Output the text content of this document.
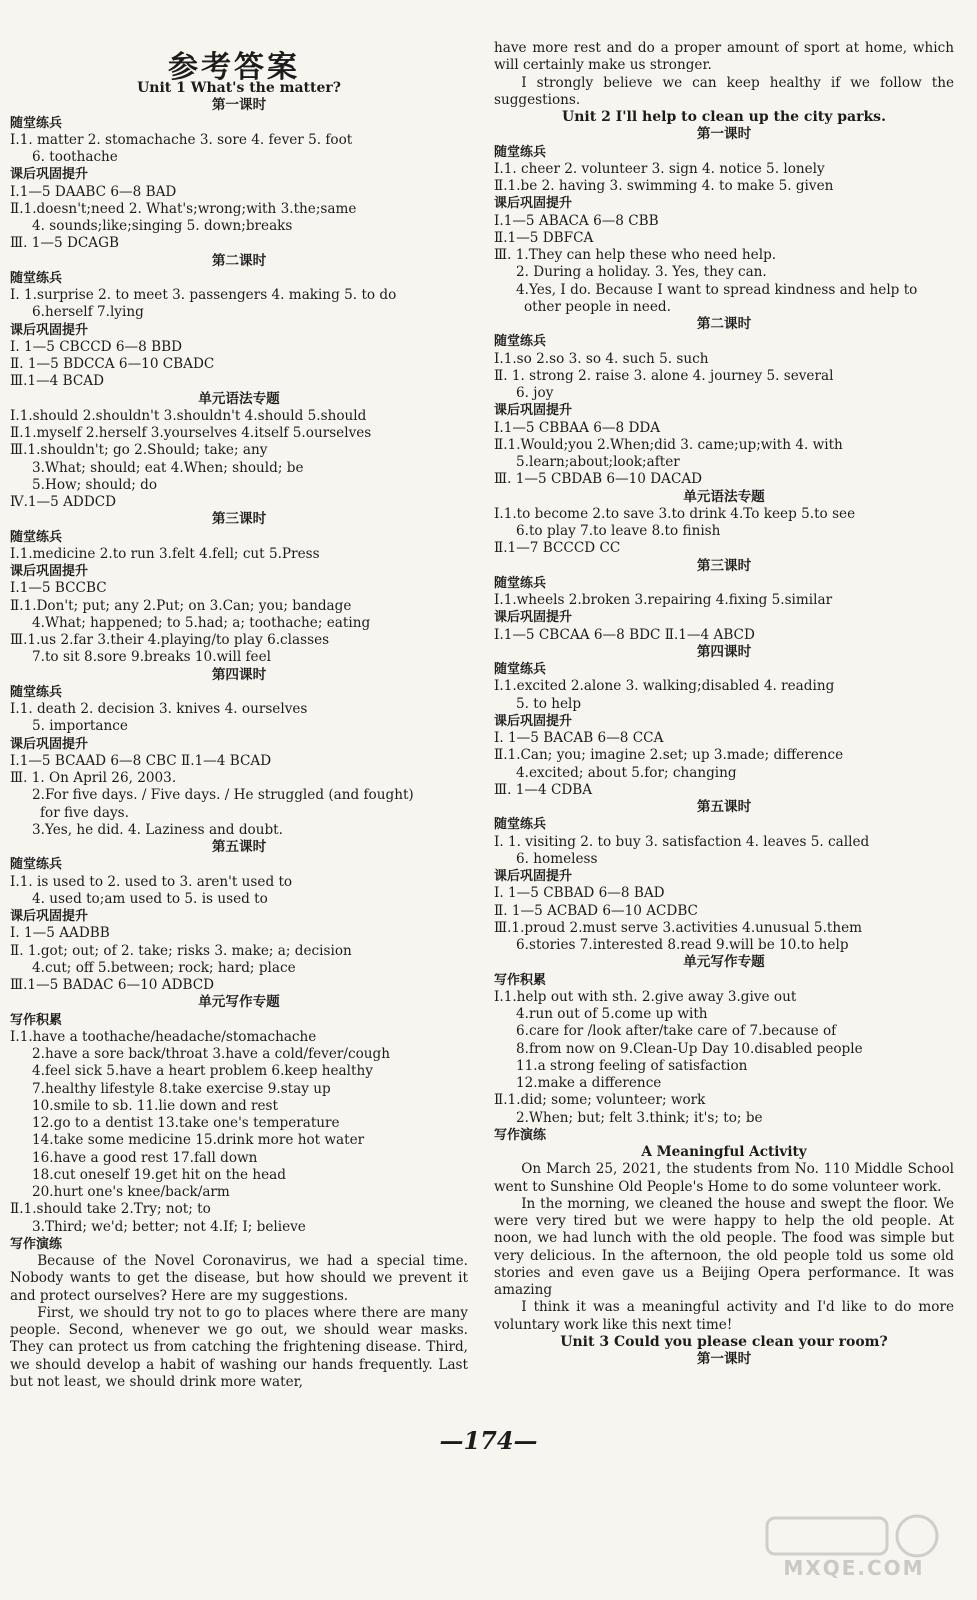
参考答案
Unit 1 What's the matter?
第一课时
随堂练兵
Ⅰ.1. matter 2. stomachache 3. sore 4. fever 5. foot
6. toothache
课后巩固提升
Ⅰ.1—5 DAABC 6—8 BAD
Ⅱ.1.doesn't;need 2. What's;wrong;with 3.the;same
4. sounds;like;singing 5. down;breaks
Ⅲ. 1—5 DCAGB
第二课时
随堂练兵
Ⅰ. 1.surprise 2. to meet 3. passengers 4. making 5. to do
6.herself 7.lying
课后巩固提升
Ⅰ. 1—5 CBCCD 6—8 BBD
Ⅱ. 1—5 BDCCA 6—10 CBADC
Ⅲ.1—4 BCAD
单元语法专题
Ⅰ.1.should 2.shouldn't 3.shouldn't 4.should 5.should
Ⅱ.1.myself 2.herself 3.yourselves 4.itself 5.ourselves
Ⅲ.1.shouldn't; go 2.Should; take; any
3.What; should; eat 4.When; should; be
5.How; should; do
Ⅳ.1—5 ADDCD
第三课时
随堂练兵
Ⅰ.1.medicine 2.to run 3.felt 4.fell; cut 5.Press
课后巩固提升
Ⅰ.1—5 BCCBC
Ⅱ.1.Don't; put; any 2.Put; on 3.Can; you; bandage
4.What; happened; to 5.had; a; toothache; eating
Ⅲ.1.us 2.far 3.their 4.playing/to play 6.classes
7.to sit 8.sore 9.breaks 10.will feel
第四课时
随堂练兵
Ⅰ.1. death 2. decision 3. knives 4. ourselves
5. importance
课后巩固提升
Ⅰ.1—5 BCAAD 6—8 CBC Ⅱ.1—4 BCAD
Ⅲ. 1. On April 26, 2003.
2.For five days. / Five days. / He struggled (and fought)
for five days.
3.Yes, he did. 4. Laziness and doubt.
第五课时
随堂练兵
Ⅰ.1. is used to 2. used to 3. aren't used to
4. used to;am used to 5. is used to
课后巩固提升
Ⅰ. 1—5 AADBB
Ⅱ. 1.got; out; of 2. take; risks 3. make; a; decision
4.cut; off 5.between; rock; hard; place
Ⅲ.1—5 BADAC 6—10 ADBCD
单元写作专题
写作积累
Ⅰ.1.have a toothache/headache/stomachache
2.have a sore back/throat 3.have a cold/fever/cough
4.feel sick 5.have a heart problem 6.keep healthy
7.healthy lifestyle 8.take exercise 9.stay up
10.smile to sb. 11.lie down and rest
12.go to a dentist 13.take one's temperature
14.take some medicine 15.drink more hot water
16.have a good rest 17.fall down
18.cut oneself 19.get hit on the head
20.hurt one's knee/back/arm
Ⅱ.1.should take 2.Try; not; to
3.Third; we'd; better; not 4.If; I; believe
写作演练

Because of the Novel Coronavirus, we had a special time. Nobody wants to get the disease, but how should we prevent it and protect ourselves? Here are my suggestions.

First, we should try not to go to places where there are many people. Second, whenever we go out, we should wear masks. They can protect us from catching the frightening disease. Third, we should develop a habit of washing our hands frequently. Last but not least, we should drink more water,

have more rest and do a proper amount of sport at home, which will certainly make us stronger.

I strongly believe we can keep healthy if we follow the suggestions.

Unit 2 I'll help to clean up the city parks.
第一课时
随堂练兵
Ⅰ.1. cheer 2. volunteer 3. sign 4. notice 5. lonely
Ⅱ.1.be 2. having 3. swimming 4. to make 5. given
课后巩固提升
Ⅰ.1—5 ABACA 6—8 CBB
Ⅱ.1—5 DBFCA
Ⅲ. 1.They can help these who need help.
2. During a holiday. 3. Yes, they can.
4.Yes, I do. Because I want to spread kindness and help to
other people in need.
第二课时
随堂练兵
Ⅰ.1.so 2.so 3. so 4. such 5. such
Ⅱ. 1. strong 2. raise 3. alone 4. journey 5. several
6. joy
课后巩固提升
Ⅰ.1—5 CBBAA 6—8 DDA
Ⅱ.1.Would;you 2.When;did 3. came;up;with 4. with
5.learn;about;look;after
Ⅲ. 1—5 CBDAB 6—10 DACAD
单元语法专题
Ⅰ.1.to become 2.to save 3.to drink 4.To keep 5.to see
6.to play 7.to leave 8.to finish
Ⅱ.1—7 BCCCD CC
第三课时
随堂练兵
Ⅰ.1.wheels 2.broken 3.repairing 4.fixing 5.similar
课后巩固提升
Ⅰ.1—5 CBCAA 6—8 BDC Ⅱ.1—4 ABCD
第四课时
随堂练兵
Ⅰ.1.excited 2.alone 3. walking;disabled 4. reading
5. to help
课后巩固提升
Ⅰ. 1—5 BACAB 6—8 CCA
Ⅱ.1.Can; you; imagine 2.set; up 3.made; difference
4.excited; about 5.for; changing
Ⅲ. 1—4 CDBA
第五课时
随堂练兵
Ⅰ. 1. visiting 2. to buy 3. satisfaction 4. leaves 5. called
6. homeless
课后巩固提升
Ⅰ. 1—5 CBBAD 6—8 BAD
Ⅱ. 1—5 ACBAD 6—10 ACDBC
Ⅲ.1.proud 2.must serve 3.activities 4.unusual 5.them
6.stories 7.interested 8.read 9.will be 10.to help
单元写作专题
写作积累
Ⅰ.1.help out with sth. 2.give away 3.give out
4.run out of 5.come up with
6.care for /look after/take care of 7.because of
8.from now on 9.Clean-Up Day 10.disabled people
11.a strong feeling of satisfaction
12.make a difference
Ⅱ.1.did; some; volunteer; work
2.When; but; felt 3.think; it's; to; be
写作演练
A Meaningful Activity

On March 25, 2021, the students from No. 110 Middle School went to Sunshine Old People's Home to do some volunteer work.

In the morning, we cleaned the house and swept the floor. We were very tired but we were happy to help the old people. At noon, we had lunch with the old people. The food was simple but very delicious. In the afternoon, the old people told us some old stories and even gave us a Beijing Opera performance. It was amazing

I think it was a meaningful activity and I'd like to do more voluntary work like this next time!

Unit 3 Could you please clean your room?
第一课时
—174—
MXQE.COM
